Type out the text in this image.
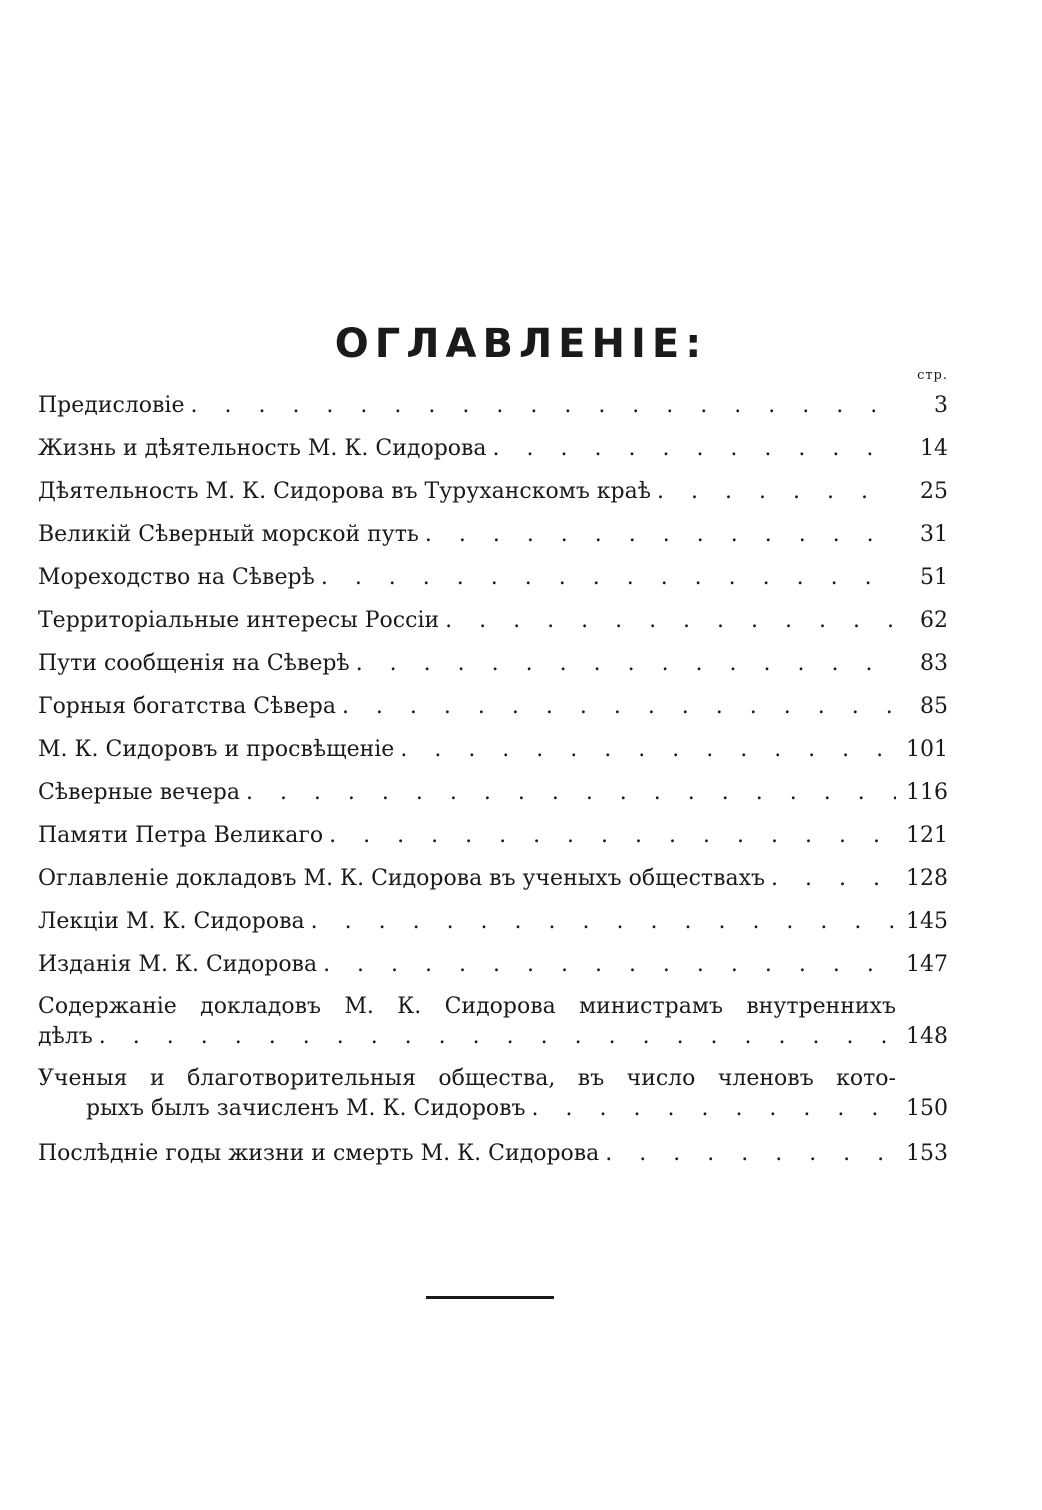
ОГЛАВЛЕНІЕ:
стр.
Предисловіе . . .	3
Жизнь и дѣятельность М. К. Сидорова . . .	14
Дѣятельность М. К. Сидорова въ Туруханскомъ краѣ . . .	25
Великій Сѣверный морской путь . . .	31
Мореходство на Сѣверѣ . . .	51
Территоріальные интересы Россіи . . .	62
Пути сообщенія на Сѣверѣ . . .	83
Горныя богатства Сѣвера . . .	85
М. К. Сидоровъ и просвѣщеніе . . .	101
Сѣверные вечера . . .	116
Памяти Петра Великаго . . .	121
Оглавленіе докладовъ М. К. Сидорова въ ученыхъ обществахъ . . .	128
Лекціи М. К. Сидорова . . .	145
Изданія М. К. Сидорова . . .	147
Содержаніе докладовъ М. К. Сидорова министрамъ внутреннихъ
дѣлъ . . .	148
Ученыя и благотворительныя общества, въ число членовъ кото-
рыхъ былъ зачисленъ М. К. Сидоровъ . . .	150
Послѣдніе годы жизни и смерть М. К. Сидорова . . .	153
